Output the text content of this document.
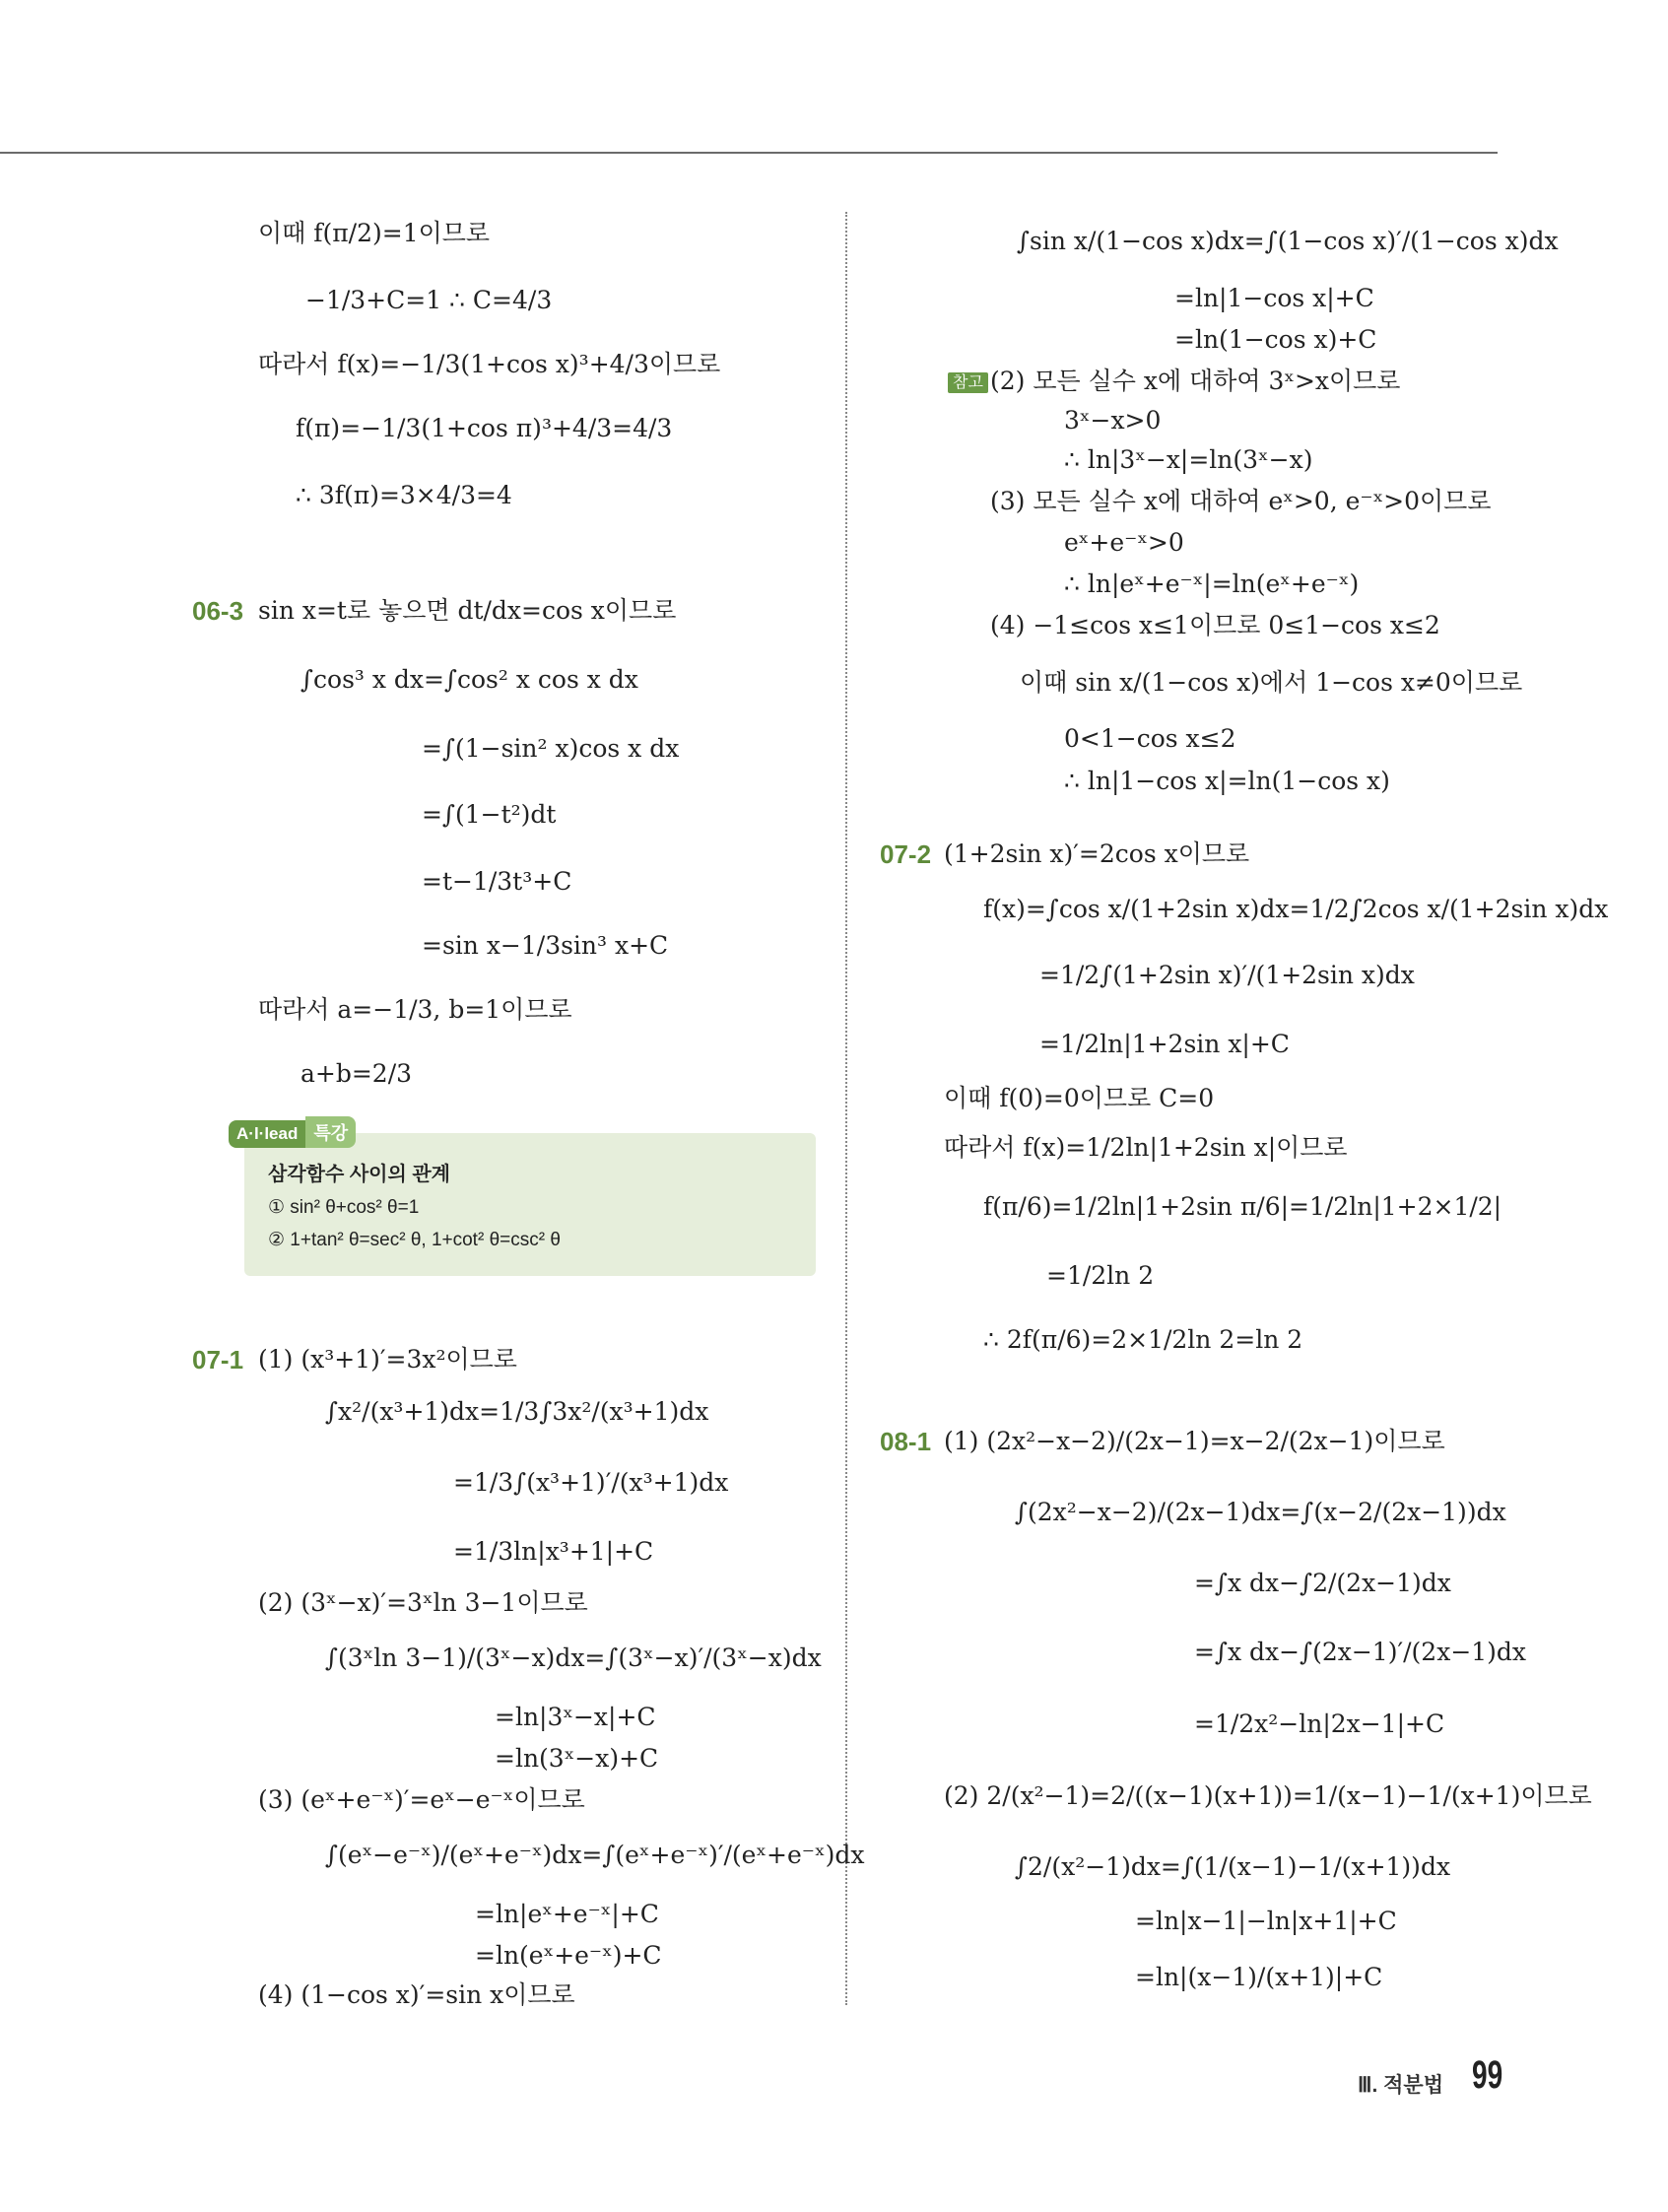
이때 f(π/2)=1이므로
−1/3+C=1 ∴ C=4/3
따라서 f(x)=−1/3(1+cos x)³+4/3이므로
f(π)=−1/3(1+cos π)³+4/3=4/3
∴ 3f(π)=3×4/3=4
06-3 sin x=t로 놓으면 dt/dx=cos x이므로
∫cos³ x dx=∫cos² x cos x dx
=∫(1−sin² x)cos x dx
=∫(1−t²)dt
=t−1/3t³+C
=sin x−1/3sin³ x+C
따라서 a=−1/3, b=1이므로
a+b=2/3
삼각함수 사이의 관계
① sin² θ+cos² θ=1
② 1+tan² θ=sec² θ, 1+cot² θ=csc² θ
A·l·lead 특강
07-1 (1) (x³+1)′=3x²이므로
∫x²/(x³+1)dx=1/3∫3x²/(x³+1)dx
=1/3∫(x³+1)′/(x³+1)dx
=1/3ln|x³+1|+C
(2) (3ˣ−x)′=3ˣln 3−1이므로
∫(3ˣln 3−1)/(3ˣ−x)dx=∫(3ˣ−x)′/(3ˣ−x)dx
=ln|3ˣ−x|+C
=ln(3ˣ−x)+C
(3) (eˣ+e⁻ˣ)′=eˣ−e⁻ˣ이므로
∫(eˣ−e⁻ˣ)/(eˣ+e⁻ˣ)dx=∫(eˣ+e⁻ˣ)′/(eˣ+e⁻ˣ)dx
=ln|eˣ+e⁻ˣ|+C
=ln(eˣ+e⁻ˣ)+C
(4) (1−cos x)′=sin x이므로
∫sin x/(1−cos x)dx=∫(1−cos x)′/(1−cos x)dx
=ln|1−cos x|+C
=ln(1−cos x)+C
참고 (2) 모든 실수 x에 대하여 3ˣ>x이므로
3ˣ−x>0
∴ ln|3ˣ−x|=ln(3ˣ−x)
(3) 모든 실수 x에 대하여 eˣ>0, e⁻ˣ>0이므로
eˣ+e⁻ˣ>0
∴ ln|eˣ+e⁻ˣ|=ln(eˣ+e⁻ˣ)
(4) −1≤cos x≤1이므로 0≤1−cos x≤2
이때 sin x/(1−cos x)에서 1−cos x≠0이므로
0<1−cos x≤2
∴ ln|1−cos x|=ln(1−cos x)
07-2 (1+2sin x)′=2cos x이므로
f(x)=∫cos x/(1+2sin x)dx=1/2∫2cos x/(1+2sin x)dx
=1/2∫(1+2sin x)′/(1+2sin x)dx
=1/2ln|1+2sin x|+C
이때 f(0)=0이므로 C=0
따라서 f(x)=1/2ln|1+2sin x|이므로
f(π/6)=1/2ln|1+2sin π/6|=1/2ln|1+2×1/2|
=1/2ln 2
∴ 2f(π/6)=2×1/2ln 2=ln 2
08-1 (1) (2x²−x−2)/(2x−1)=x−2/(2x−1)이므로
∫(2x²−x−2)/(2x−1)dx=∫(x−2/(2x−1))dx
=∫x dx−∫2/(2x−1)dx
=∫x dx−∫(2x−1)′/(2x−1)dx
=1/2x²−ln|2x−1|+C
(2) 2/(x²−1)=2/((x−1)(x+1))=1/(x−1)−1/(x+1)이므로
∫2/(x²−1)dx=∫(1/(x−1)−1/(x+1))dx
=ln|x−1|−ln|x+1|+C
=ln|(x−1)/(x+1)|+C
Ⅲ. 적분법 99
